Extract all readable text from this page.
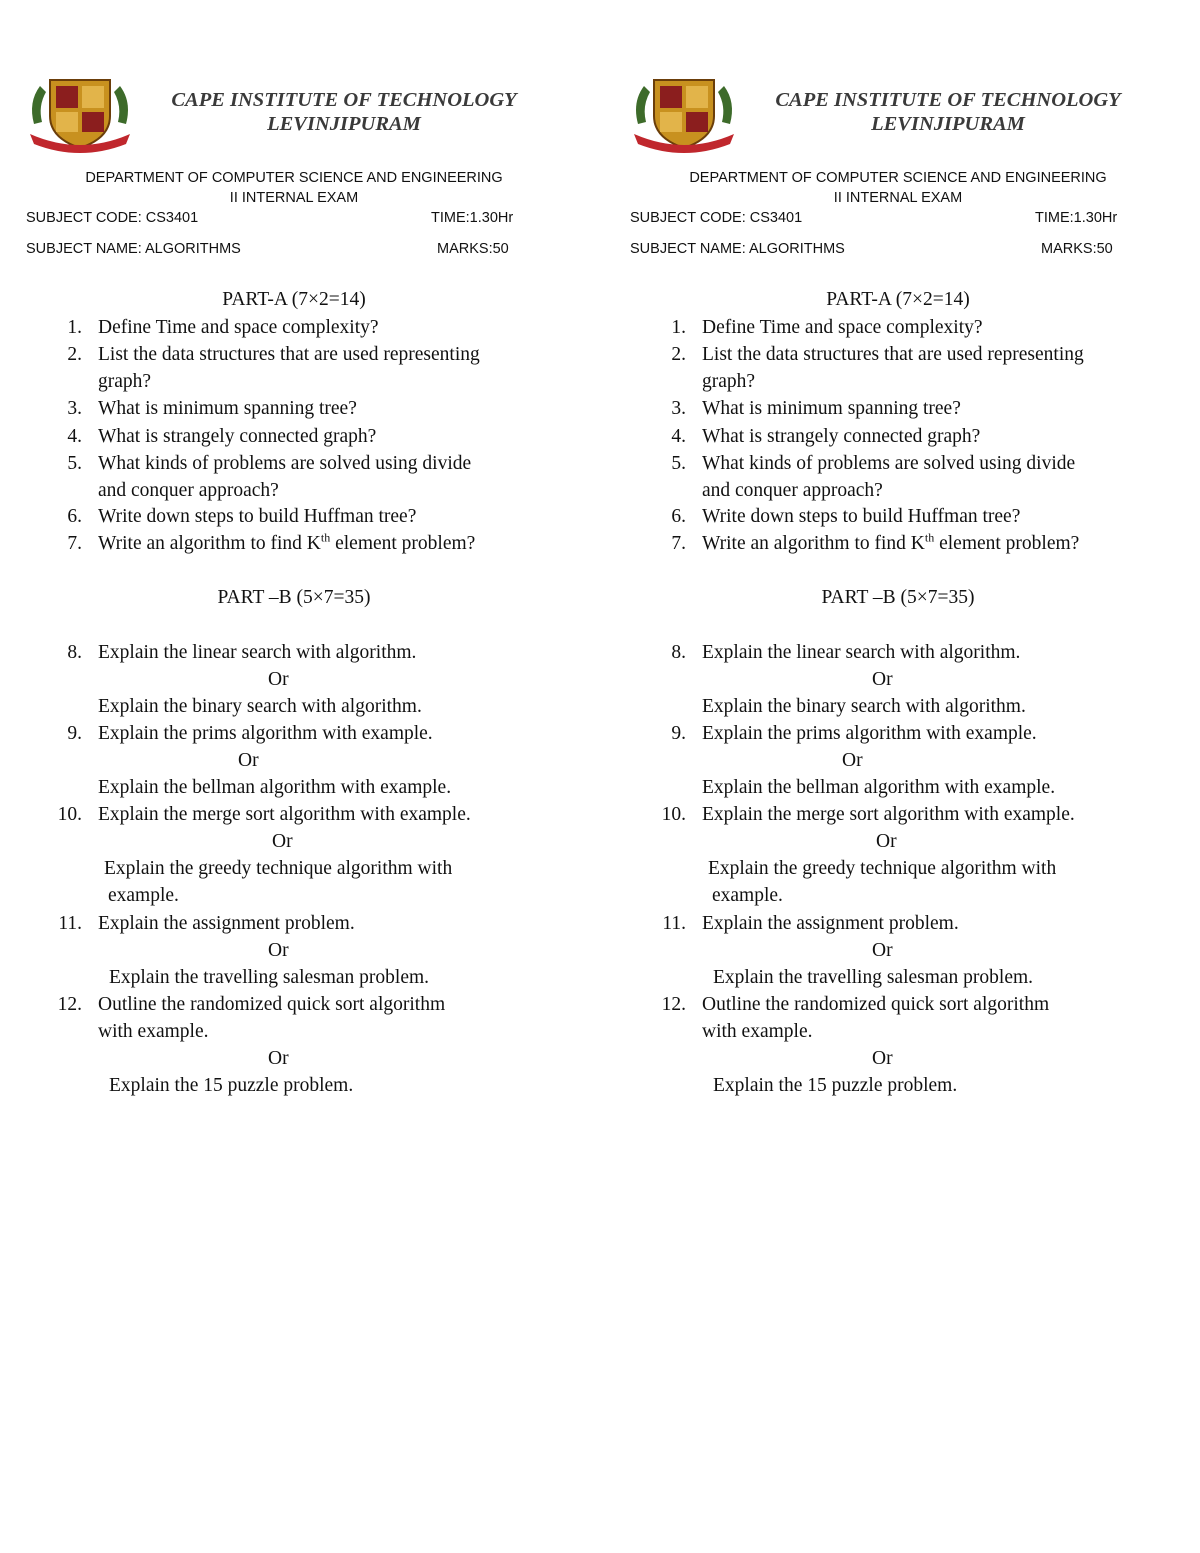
CAPE INSTITUTE OF TECHNOLOGY
LEVINJIPURAM
DEPARTMENT OF COMPUTER SCIENCE AND ENGINEERING
II INTERNAL EXAM
SUBJECT CODE: CS3401	TIME:1.30Hr
SUBJECT NAME: ALGORITHMS	MARKS:50
PART-A (7×2=14)
1. Define Time and space complexity?
2. List the data structures that are used representing
graph?
3. What is minimum spanning tree?
4. What is strangely connected graph?
5. What kinds of problems are solved using divide
and conquer approach?
6. Write down steps to build Huffman tree?
7. Write an algorithm to find $K^{th}$ element problem?
PART –B (5×7=35)
8. Explain the linear search with algorithm.
Or
Explain the binary search with algorithm.
9. Explain the prims algorithm with example.
Or
Explain the bellman algorithm with example.
10. Explain the merge sort algorithm with example.
Or
Explain the greedy technique algorithm with
example.
11. Explain the assignment problem.
Or
Explain the travelling salesman problem.
12. Outline the randomized quick sort algorithm
with example.
Or
Explain the 15 puzzle problem.
CAPE INSTITUTE OF TECHNOLOGY
LEVINJIPURAM
DEPARTMENT OF COMPUTER SCIENCE AND ENGINEERING
II INTERNAL EXAM
SUBJECT CODE: CS3401	TIME:1.30Hr
SUBJECT NAME: ALGORITHMS	MARKS:50
PART-A (7×2=14)
1. Define Time and space complexity?
2. List the data structures that are used representing
graph?
3. What is minimum spanning tree?
4. What is strangely connected graph?
5. What kinds of problems are solved using divide
and conquer approach?
6. Write down steps to build Huffman tree?
7. Write an algorithm to find $K^{th}$ element problem?
PART –B (5×7=35)
8. Explain the linear search with algorithm.
Or
Explain the binary search with algorithm.
9. Explain the prims algorithm with example.
Or
Explain the bellman algorithm with example.
10. Explain the merge sort algorithm with example.
Or
Explain the greedy technique algorithm with
example.
11. Explain the assignment problem.
Or
Explain the travelling salesman problem.
12. Outline the randomized quick sort algorithm
with example.
Or
Explain the 15 puzzle problem.
